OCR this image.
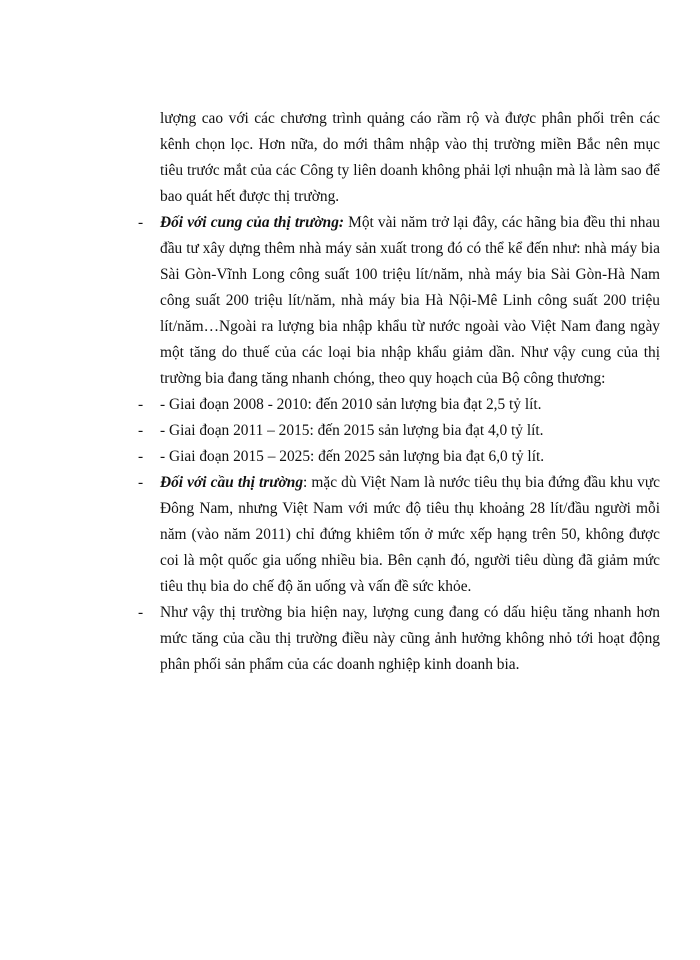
lượng cao với các chương trình quảng cáo rầm rộ và được phân phối trên các kênh chọn lọc. Hơn nữa, do mới thâm nhập vào thị trường miền Bắc nên mục tiêu trước mắt của các Công ty liên doanh không phải lợi nhuận mà là làm sao để bao quát hết được thị trường.

-	Đối với cung của thị trường: Một vài năm trở lại đây, các hãng bia đều thi nhau đầu tư xây dựng thêm nhà máy sản xuất trong đó có thể kể đến như: nhà máy bia Sài Gòn-Vĩnh Long công suất 100 triệu lít/năm, nhà máy bia Sài Gòn-Hà Nam công suất 200 triệu lít/năm, nhà máy bia Hà Nội-Mê Linh công suất 200 triệu lít/năm…Ngoài ra lượng bia nhập khẩu từ nước ngoài vào Việt Nam đang ngày một tăng do thuế của các loại bia nhập khẩu giảm dần. Như vậy cung của thị trường bia đang tăng nhanh chóng, theo quy hoạch của Bộ công thương:

-	- Giai đoạn 2008 - 2010: đến 2010 sản lượng bia đạt 2,5 tỷ lít.

-	- Giai đoạn 2011 – 2015: đến 2015 sản lượng bia đạt 4,0 tỷ lít.

-	- Giai đoạn 2015 – 2025: đến 2025 sản lượng bia đạt 6,0 tỷ lít.

-	Đối với cầu thị trường: mặc dù Việt Nam là nước tiêu thụ bia đứng đầu khu vực Đông Nam, nhưng Việt Nam với mức độ tiêu thụ khoảng 28 lít/đầu người mỗi năm (vào năm 2011) chỉ đứng khiêm tốn ở mức xếp hạng trên 50, không được coi là một quốc gia uống nhiều bia. Bên cạnh đó, người tiêu dùng đã giảm mức tiêu thụ bia do chế độ ăn uống và vấn đề sức khỏe.

-	Như vậy thị trường bia hiện nay, lượng cung đang có dấu hiệu tăng nhanh hơn mức tăng của cầu thị trường điều này cũng ảnh hưởng không nhỏ tới hoạt động phân phối sản phẩm của các doanh nghiệp kinh doanh bia.
